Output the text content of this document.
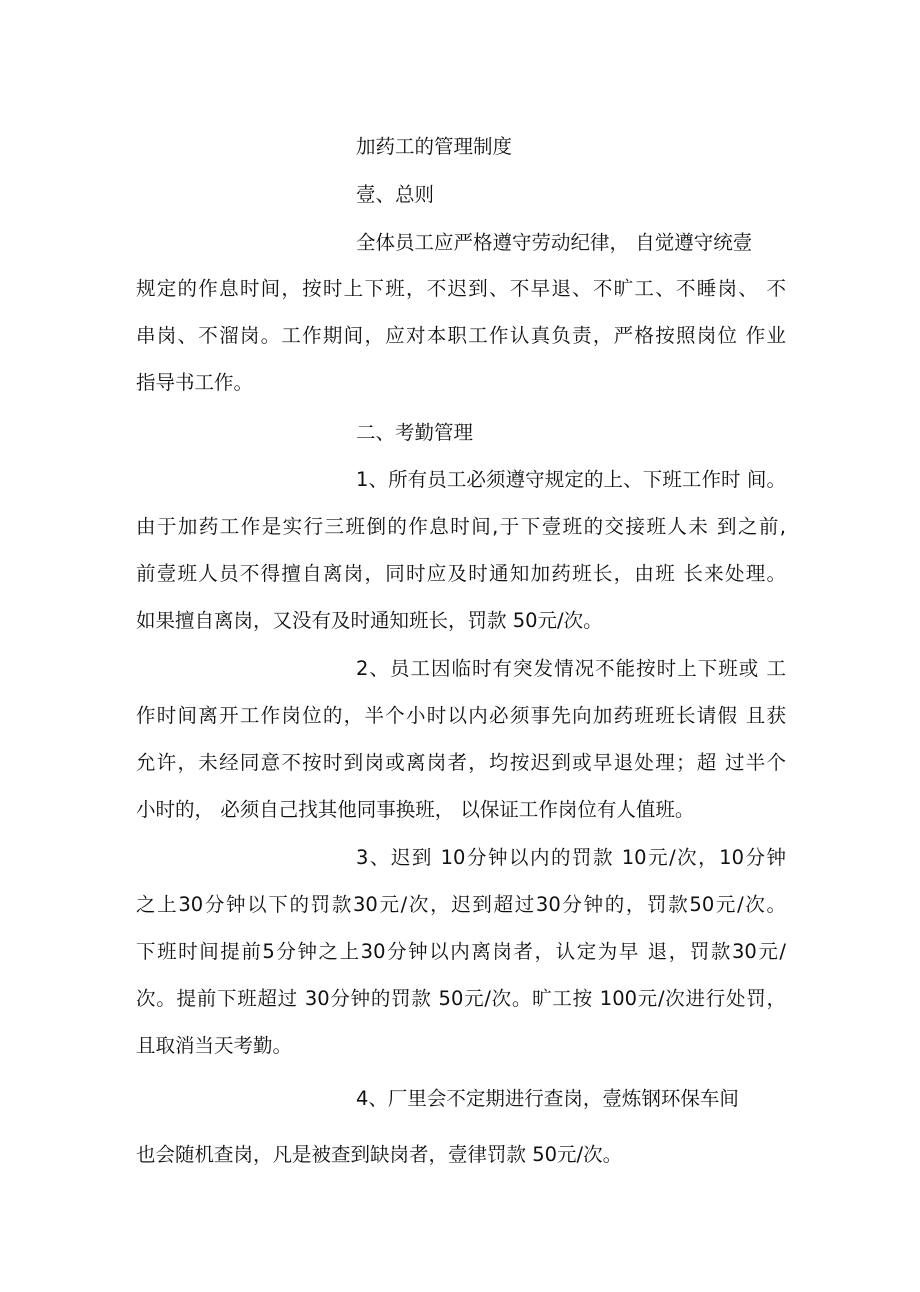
加药工的管理制度

壹、总则

全体员工应严格遵守劳动纪律， 自觉遵守统壹

规定的作息时间，按时上下班，不迟到、不早退、不旷工、不睡岗、 不

串岗、不溜岗。工作期间，应对本职工作认真负责，严格按照岗位 作业

指导书工作。

二、考勤管理

1、所有员工必须遵守规定的上、下班工作时 间。

由于加药工作是实行三班倒的作息时间,于下壹班的交接班人未 到之前,

前壹班人员不得擅自离岗，同时应及时通知加药班长，由班 长来处理。

如果擅自离岗，又没有及时通知班长，罚款 50元/次。

2、员工因临时有突发情况不能按时上下班或 工

作时间离开工作岗位的，半个小时以内必须事先向加药班班长请假 且获

允许，未经同意不按时到岗或离岗者，均按迟到或早退处理；超 过半个

小时的， 必须自己找其他同事换班， 以保证工作岗位有人值班。

3、迟到 10分钟以内的罚款 10元/次，10分钟

之上30分钟以下的罚款30元/次，迟到超过30分钟的，罚款50元/次。

下班时间提前5分钟之上30分钟以内离岗者，认定为早 退，罚款30元/

次。提前下班超过 30分钟的罚款 50元/次。旷工按 100元/次进行处罚，

且取消当天考勤。

4、厂里会不定期进行查岗，壹炼钢环保车间

也会随机查岗，凡是被查到缺岗者，壹律罚款 50元/次。
